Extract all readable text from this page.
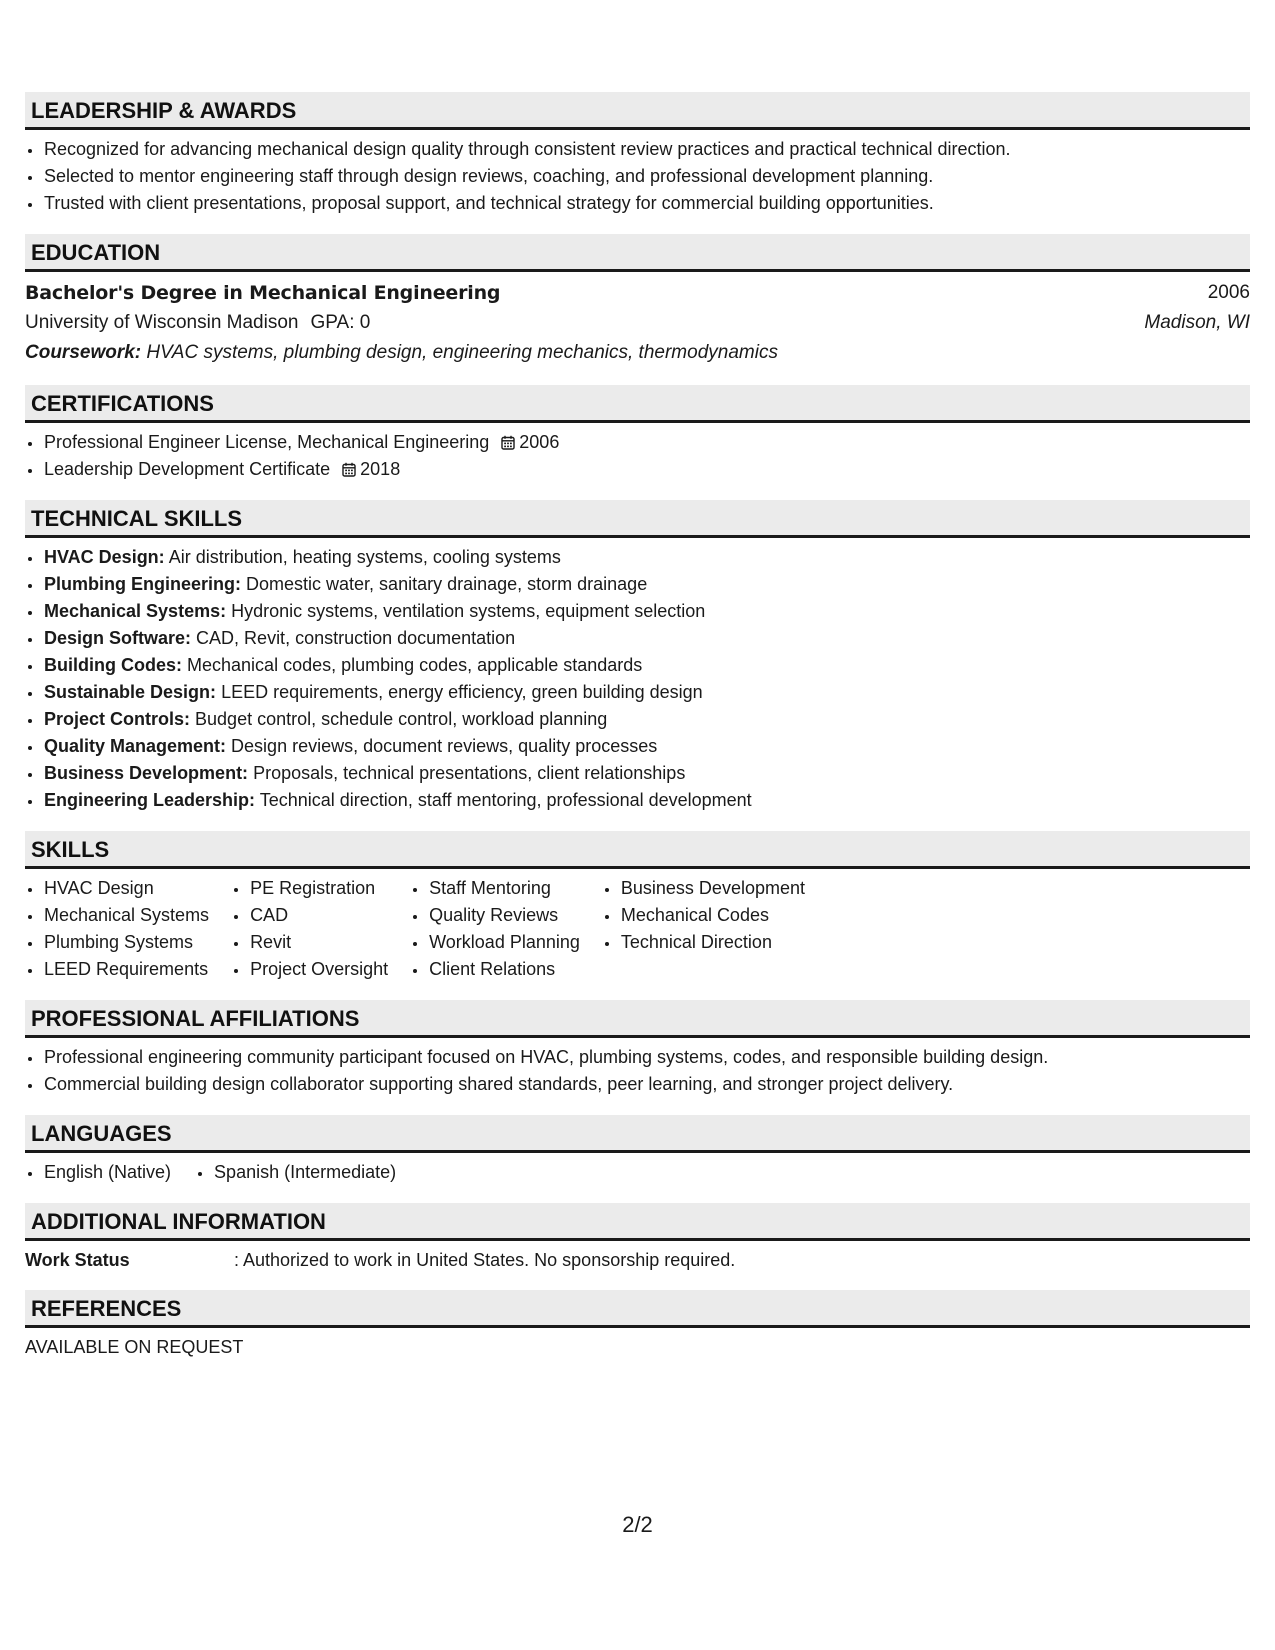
LEADERSHIP & AWARDS
• Recognized for advancing mechanical design quality through consistent review practices and practical technical direction.
• Selected to mentor engineering staff through design reviews, coaching, and professional development planning.
• Trusted with client presentations, proposal support, and technical strategy for commercial building opportunities.
EDUCATION
Bachelor's Degree in Mechanical Engineering	2006
University of Wisconsin Madison GPA: 0	Madison, WI
Coursework: HVAC systems, plumbing design, engineering mechanics, thermodynamics
CERTIFICATIONS
• Professional Engineer License, Mechanical Engineering 2006
• Leadership Development Certificate 2018
TECHNICAL SKILLS
• HVAC Design: Air distribution, heating systems, cooling systems
• Plumbing Engineering: Domestic water, sanitary drainage, storm drainage
• Mechanical Systems: Hydronic systems, ventilation systems, equipment selection
• Design Software: CAD, Revit, construction documentation
• Building Codes: Mechanical codes, plumbing codes, applicable standards
• Sustainable Design: LEED requirements, energy efficiency, green building design
• Project Controls: Budget control, schedule control, workload planning
• Quality Management: Design reviews, document reviews, quality processes
• Business Development: Proposals, technical presentations, client relationships
• Engineering Leadership: Technical direction, staff mentoring, professional development
SKILLS
• HVAC Design
• Mechanical Systems
• Plumbing Systems
• LEED Requirements
• PE Registration
• CAD
• Revit
• Project Oversight
• Staff Mentoring
• Quality Reviews
• Workload Planning
• Client Relations
• Business Development
• Mechanical Codes
• Technical Direction
PROFESSIONAL AFFILIATIONS
• Professional engineering community participant focused on HVAC, plumbing systems, codes, and responsible building design.
• Commercial building design collaborator supporting shared standards, peer learning, and stronger project delivery.
LANGUAGES
• English (Native)
• Spanish (Intermediate)
ADDITIONAL INFORMATION
Work Status	: Authorized to work in United States. No sponsorship required.
REFERENCES
AVAILABLE ON REQUEST
2/2
